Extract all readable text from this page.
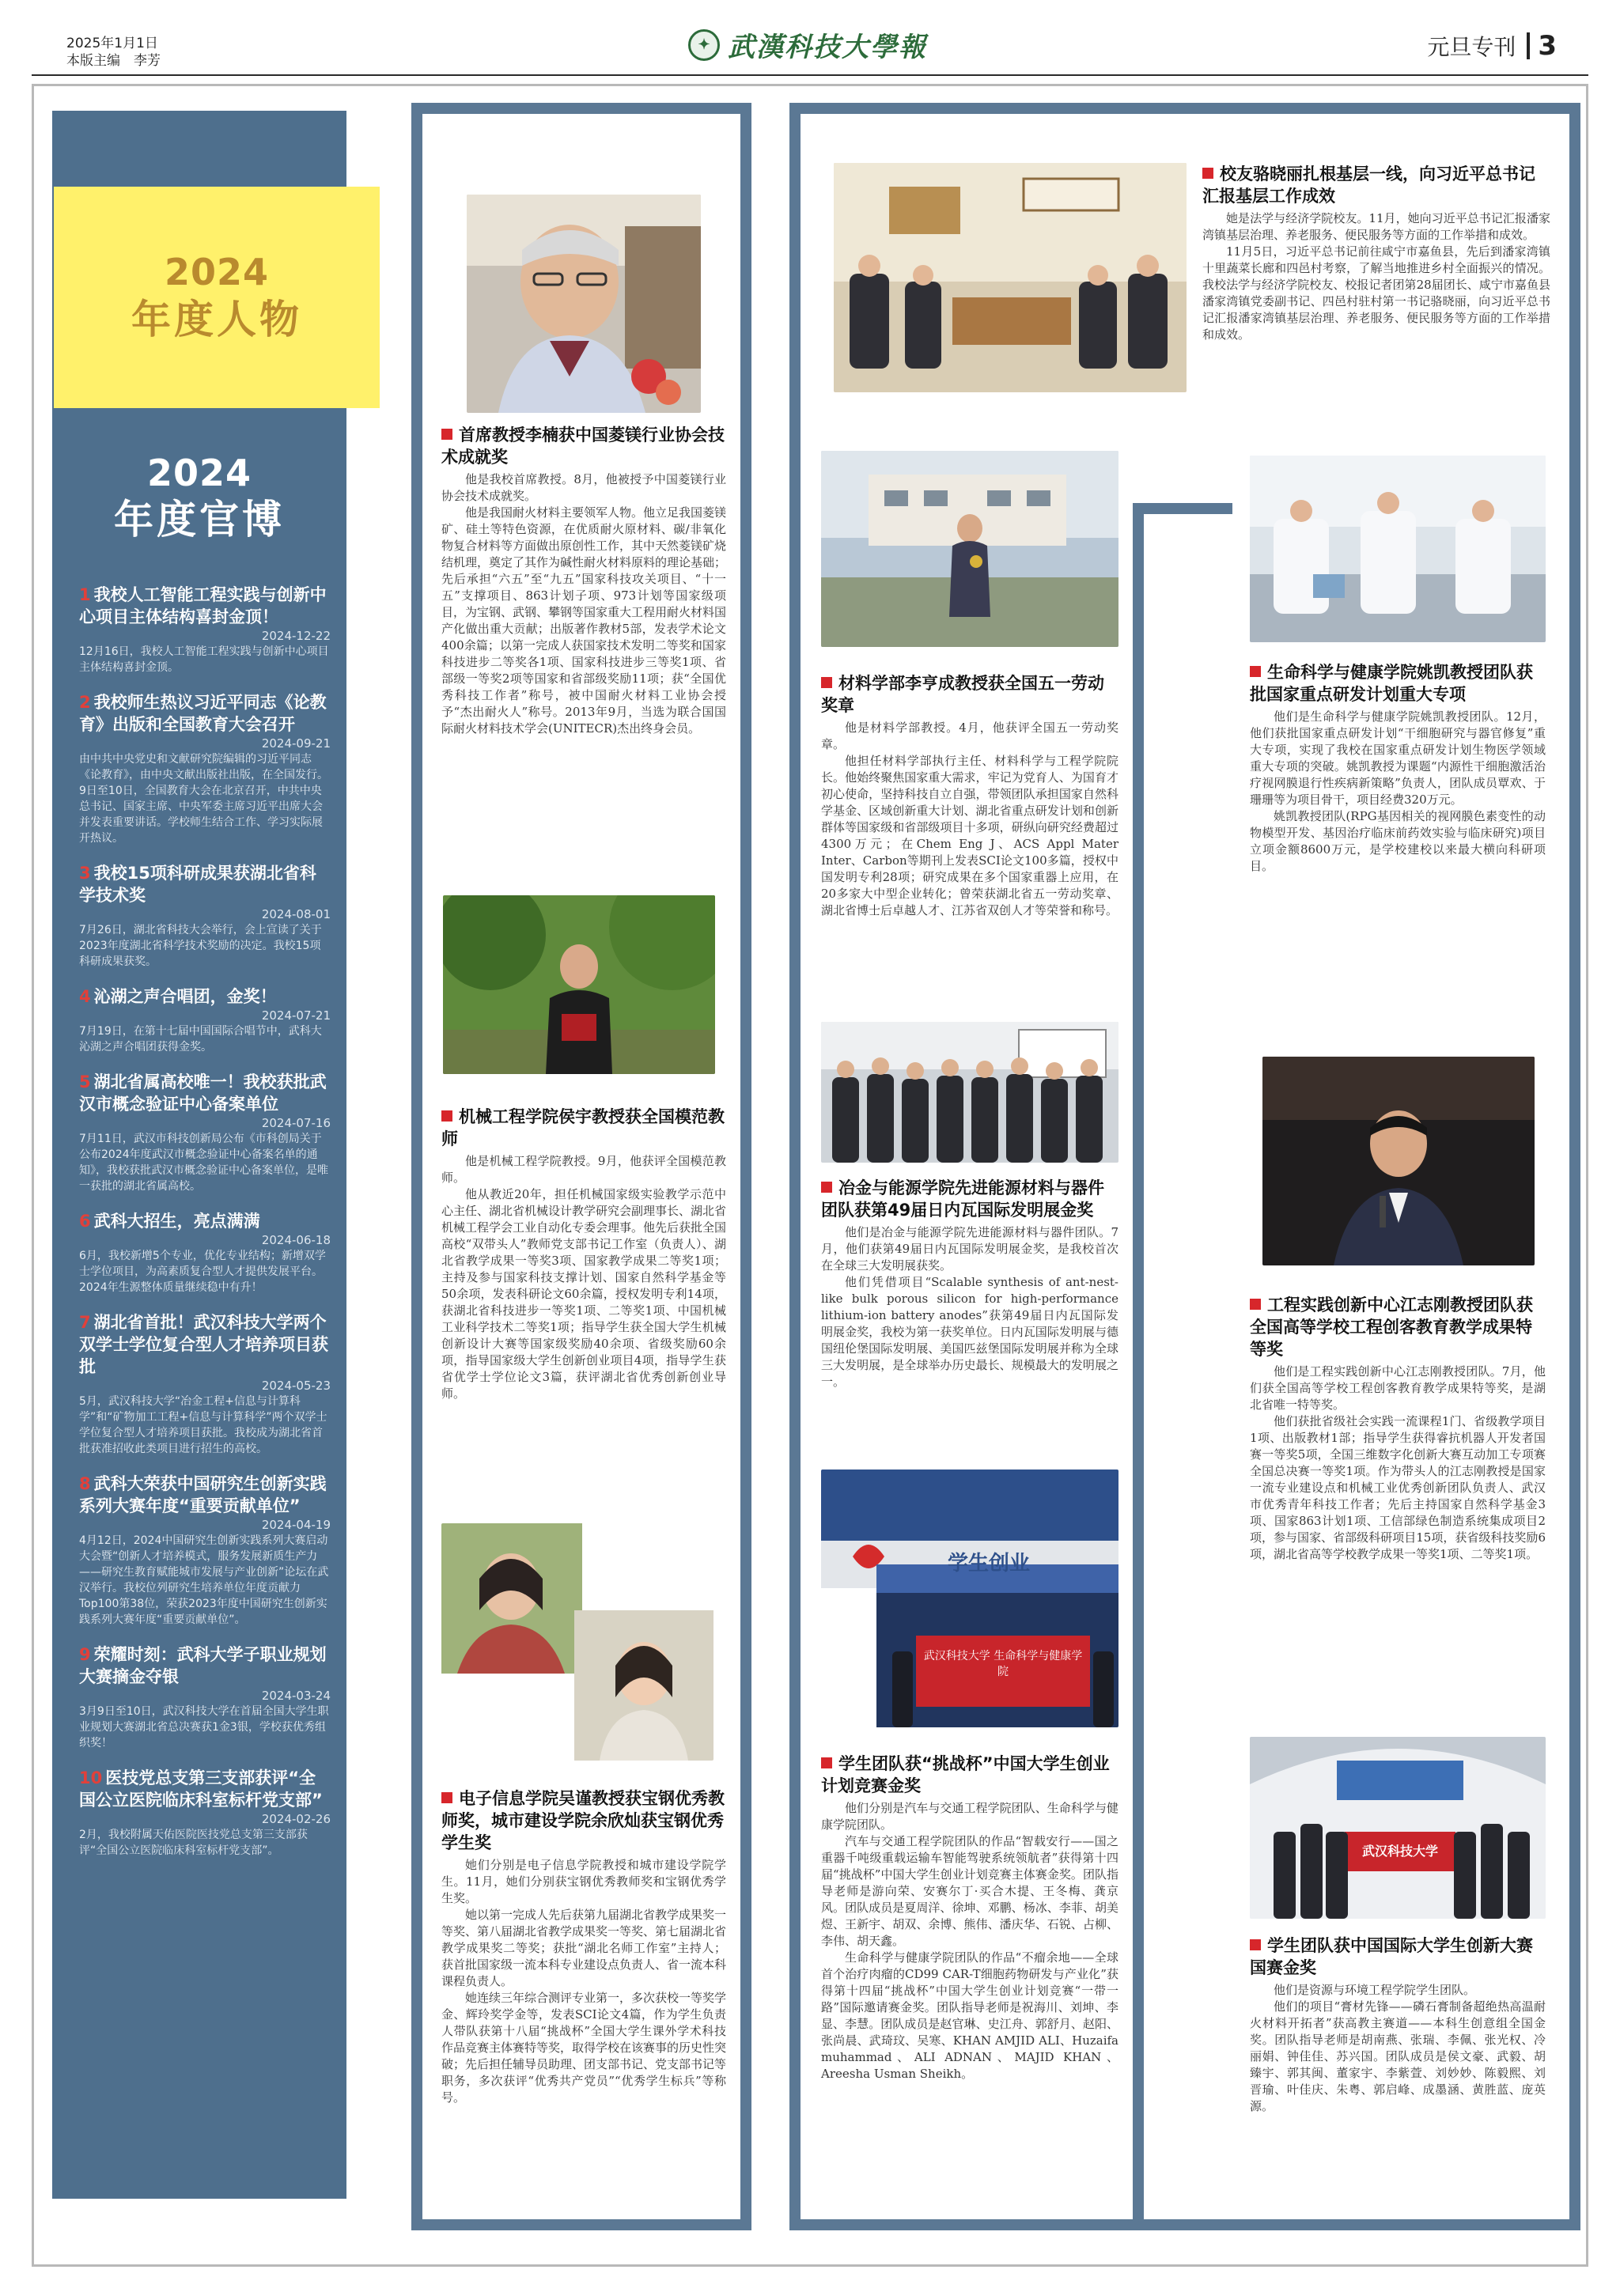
2025年1月1日
本版主编　李芳
✦ 武漢科技大學報	元旦专刊 3
2024
年度人物
2024
年度官博
1 我校人工智能工程实践与创新中心项目主体结构喜封金顶！
2024-12-22
12月16日，我校人工智能工程实践与创新中心项目主体结构喜封金顶。
2 我校师生热议习近平同志《论教育》出版和全国教育大会召开
2024-09-21
由中共中央党史和文献研究院编辑的习近平同志《论教育》，由中央文献出版社出版，在全国发行。9日至10日，全国教育大会在北京召开，中共中央总书记、国家主席、中央军委主席习近平出席大会并发表重要讲话。学校师生结合工作、学习实际展开热议。
3 我校15项科研成果获湖北省科学技术奖
2024-08-01
7月26日，湖北省科技大会举行，会上宣读了关于2023年度湖北省科学技术奖励的决定。我校15项科研成果获奖。
4 沁湖之声合唱团，金奖！
2024-07-21
7月19日，在第十七届中国国际合唱节中，武科大沁湖之声合唱团获得金奖。
5 湖北省属高校唯一！我校获批武汉市概念验证中心备案单位
2024-07-16
7月11日，武汉市科技创新局公布《市科创局关于公布2024年度武汉市概念验证中心备案名单的通知》，我校获批武汉市概念验证中心备案单位，是唯一获批的湖北省属高校。
6 武科大招生，亮点满满
2024-06-18
6月，我校新增5个专业，优化专业结构；新增双学士学位项目，为高素质复合型人才提供发展平台。2024年生源整体质量继续稳中有升！
7 湖北省首批！武汉科技大学两个双学士学位复合型人才培养项目获批
2024-05-23
5月，武汉科技大学“冶金工程+信息与计算科学”和“矿物加工工程+信息与计算科学”两个双学士学位复合型人才培养项目获批。我校成为湖北省首批获准招收此类项目进行招生的高校。
8 武科大荣获中国研究生创新实践系列大赛年度“重要贡献单位”
2024-04-19
4月12日，2024中国研究生创新实践系列大赛启动大会暨“创新人才培养模式，服务发展新质生产力——研究生教育赋能城市发展与产业创新”论坛在武汉举行。我校位列研究生培养单位年度贡献力Top100第38位，荣获2023年度中国研究生创新实践系列大赛年度“重要贡献单位”。
9 荣耀时刻：武科大学子职业规划大赛摘金夺银
2024-03-24
3月9日至10日，武汉科技大学在首届全国大学生职业规划大赛湖北省总决赛获1金3银，学校获优秀组织奖！
10 医技党总支第三支部获评“全国公立医院临床科室标杆党支部”
2024-02-26
2月，我校附属天佑医院医技党总支第三支部获评“全国公立医院临床科室标杆党支部”。
首席教授李楠获中国菱镁行业协会技术成就奖

他是我校首席教授。8月，他被授予中国菱镁行业协会技术成就奖。

他是我国耐火材料主要领军人物。他立足我国菱镁矿、硅土等特色资源，在优质耐火原材料、碳/非氧化物复合材料等方面做出原创性工作，其中天然菱镁矿烧结机理，奠定了其作为碱性耐火材料原料的理论基础；先后承担“六五”至“九五”国家科技攻关项目、“十一五”支撑项目、863计划子项、973计划等国家级项目，为宝钢、武钢、攀钢等国家重大工程用耐火材料国产化做出重大贡献；出版著作教材5部，发表学术论文400余篇；以第一完成人获国家技术发明二等奖和国家科技进步二等奖各1项、国家科技进步三等奖1项、省部级一等奖2项等国家和省部级奖励11项；获“全国优秀科技工作者”称号，被中国耐火材料工业协会授予“杰出耐火人”称号。2013年9月，当选为联合国国际耐火材料技术学会(UNITECR)杰出终身会员。

机械工程学院侯宇教授获全国模范教师

他是机械工程学院教授。9月，他获评全国模范教师。

他从教近20年，担任机械国家级实验教学示范中心主任、湖北省机械设计教学研究会副理事长、湖北省机械工程学会工业自动化专委会理事。他先后获批全国高校“双带头人”教师党支部书记工作室（负责人）、湖北省教学成果一等奖3项、国家教学成果二等奖1项；主持及参与国家科技支撑计划、国家自然科学基金等50余项，发表科研论文60余篇，授权发明专利14项，获湖北省科技进步一等奖1项、二等奖1项、中国机械工业科学技术二等奖1项；指导学生获全国大学生机械创新设计大赛等国家级奖励40余项、省级奖励60余项，指导国家级大学生创新创业项目4项，指导学生获省优学士学位论文3篇，获评湖北省优秀创新创业导师。

电子信息学院吴谨教授获宝钢优秀教师奖，城市建设学院余欣灿获宝钢优秀学生奖

她们分别是电子信息学院教授和城市建设学院学生。11月，她们分别获宝钢优秀教师奖和宝钢优秀学生奖。

她以第一完成人先后获第九届湖北省教学成果奖一等奖、第八届湖北省教学成果奖一等奖、第七届湖北省教学成果奖二等奖；获批“湖北名师工作室”主持人；获首批国家级一流本科专业建设点负责人、省一流本科课程负责人。

她连续三年综合测评专业第一，多次获校一等奖学金、辉玲奖学金等，发表SCI论文4篇，作为学生负责人带队获第十八届“挑战杯”全国大学生课外学术科技作品竞赛主体赛特等奖，取得学校在该赛事的历史性突破；先后担任辅导员助理、团支部书记、党支部书记等职务，多次获评“优秀共产党员”“优秀学生标兵”等称号。

校友骆晓丽扎根基层一线，向习近平总书记汇报基层工作成效

她是法学与经济学院校友。11月，她向习近平总书记汇报潘家湾镇基层治理、养老服务、便民服务等方面的工作举措和成效。

11月5日，习近平总书记前往咸宁市嘉鱼县，先后到潘家湾镇十里蔬菜长廊和四邑村考察，了解当地推进乡村全面振兴的情况。我校法学与经济学院校友、校报记者团第28届团长、咸宁市嘉鱼县潘家湾镇党委副书记、四邑村驻村第一书记骆晓丽，向习近平总书记汇报潘家湾镇基层治理、养老服务、便民服务等方面的工作举措和成效。

材料学部李亨成教授获全国五一劳动奖章

他是材料学部教授。4月，他获评全国五一劳动奖章。

他担任材料学部执行主任、材料科学与工程学院院长。他始终聚焦国家重大需求，牢记为党育人、为国育才初心使命，坚持科技自立自强，带领团队承担国家自然科学基金、区域创新重大计划、湖北省重点研发计划和创新群体等国家级和省部级项目十多项，研纵向研究经费超过4300万元；在Chem Eng J、ACS Appl Mater Inter、Carbon等期刊上发表SCI论文100多篇，授权中国发明专利28项；研究成果在多个国家重器上应用，在20多家大中型企业转化；曾荣获湖北省五一劳动奖章、湖北省博士后卓越人才、江苏省双创人才等荣誉和称号。

冶金与能源学院先进能源材料与器件团队获第49届日内瓦国际发明展金奖

他们是冶金与能源学院先进能源材料与器件团队。7月，他们获第49届日内瓦国际发明展金奖，是我校首次在全球三大发明展获奖。

他们凭借项目“Scalable synthesis of ant-nest-like bulk porous silicon for high-performance lithium-ion battery anodes”获第49届日内瓦国际发明展金奖，我校为第一获奖单位。日内瓦国际发明展与德国纽伦堡国际发明展、美国匹兹堡国际发明展并称为全球三大发明展，是全球举办历史最长、规模最大的发明展之一。

学生创业
武汉科技大学 生命科学与健康学院
学生团队获“挑战杯”中国大学生创业计划竞赛金奖

他们分别是汽车与交通工程学院团队、生命科学与健康学院团队。

汽车与交通工程学院团队的作品“智载安行——国之重器千吨级重载运输车智能驾驶系统领航者”获得第十四届“挑战杯”中国大学生创业计划竞赛主体赛金奖。团队指导老师是游向荣、安赛尔丁·买合木提、王冬梅、龚京风。团队成员是夏周洋、徐坤、邓鹏、杨冰、李菲、胡美煜、王新宇、胡双、余博、熊伟、潘庆华、石锐、占柳、李伟、胡天鑫。

生命科学与健康学院团队的作品“不瘤余地——全球首个治疗肉瘤的CD99 CAR-T细胞药物研发与产业化”获得第十四届“挑战杯”中国大学生创业计划竞赛“一带一路”国际邀请赛金奖。团队指导老师是祝海川、刘坤、李显、李慧。团队成员是赵官琳、史江舟、郭舒月、赵阳、张尚晨、武琦玟、吴寒、KHAN AMJID ALI、Huzaifa muhammad、ALI ADNAN、MAJID KHAN、Areesha Usman Sheikh。

生命科学与健康学院姚凯教授团队获批国家重点研发计划重大专项

他们是生命科学与健康学院姚凯教授团队。12月，他们获批国家重点研发计划“干细胞研究与器官修复”重大专项，实现了我校在国家重点研发计划生物医学领域重大专项的突破。姚凯教授为课题“内源性干细胞激活治疗视网膜退行性疾病新策略”负责人，团队成员覃欢、于珊珊等为项目骨干，项目经费320万元。

姚凯教授团队(RPG基因相关的视网膜色素变性的动物模型开发、基因治疗临床前药效实验与临床研究)项目立项金额8600万元，是学校建校以来最大横向科研项目。

工程实践创新中心江志刚教授团队获全国高等学校工程创客教育教学成果特等奖

他们是工程实践创新中心江志刚教授团队。7月，他们获全国高等学校工程创客教育教学成果特等奖，是湖北省唯一特等奖。

他们获批省级社会实践一流课程1门、省级教学项目1项、出版教材1部；指导学生获得睿抗机器人开发者国赛一等奖5项，全国三维数字化创新大赛互动加工专项赛全国总决赛一等奖1项。作为带头人的江志刚教授是国家一流专业建设点和机械工业优秀创新团队负责人、武汉市优秀青年科技工作者；先后主持国家自然科学基金3项、国家863计划1项、工信部绿色制造系统集成项目2项，参与国家、省部级科研项目15项，获省级科技奖励6项，湖北省高等学校教学成果一等奖1项、二等奖1项。

武汉科技大学
学生团队获中国国际大学生创新大赛国赛金奖

他们是资源与环境工程学院学生团队。

他们的项目“膏材先锋——磷石膏制备超绝热高温耐火材料开拓者”获高教主赛道——本科生创意组全国金奖。团队指导老师是胡南燕、张瑞、李佩、张光权、冷丽娟、钟佳佳、苏兴国。团队成员是侯文豪、武毅、胡臻宇、郭其闽、董家宇、李紫萱、刘妙妙、陈毅熙、刘晋瑜、叶佳庆、朱粤、郭启峰、成墨涵、黄胜蓝、庞英源。
